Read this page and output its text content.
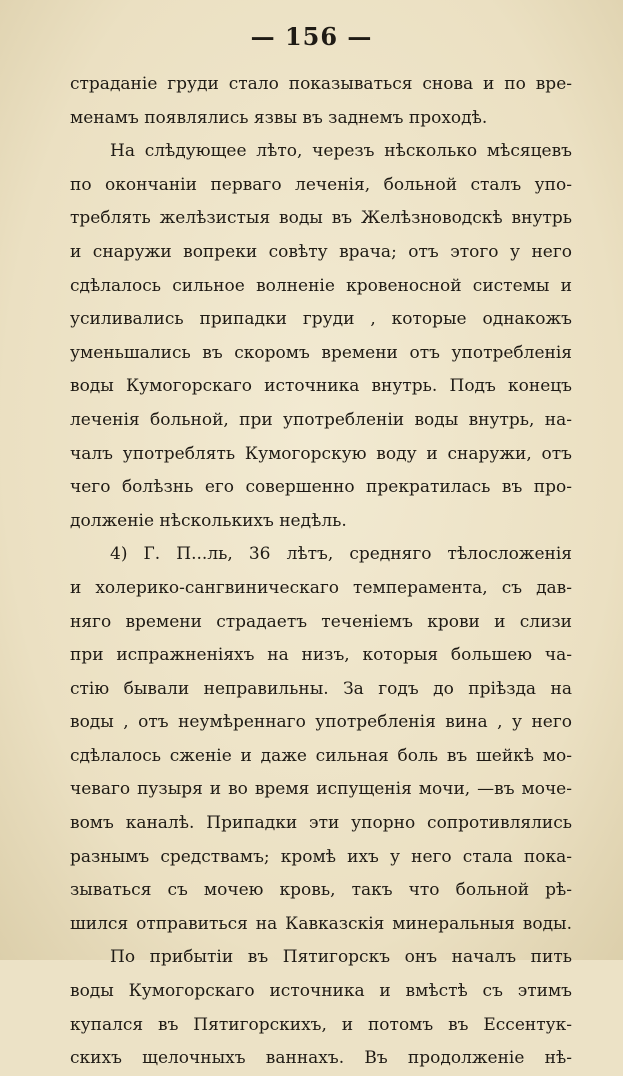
— 156 —
страданіе груди стало показываться снова и по вре-
менамъ появлялись язвы въ заднемъ проходѣ.
На слѣдующее лѣто, черезъ нѣсколько мѣсяцевъ
по окончаніи перваго леченія, больной сталъ упо-
треблять желѣзистыя воды въ Желѣзноводскѣ внутрь
и снаружи вопреки совѣту врача; отъ этого у него
сдѣлалось сильное волненіе кровеносной системы и
усиливались припадки груди , которые однакожъ
уменьшались въ скоромъ времени отъ употребленія
воды Кумогорскаго источника внутрь. Подъ конецъ
леченія больной, при употребленіи воды внутрь, на-
чалъ употреблять Кумогорскую воду и снаружи, отъ
чего болѣзнь его совершенно прекратилась въ про-
долженіе нѣсколькихъ недѣль.
4) Г. П...ль, 36 лѣтъ, средняго тѣлосложенія
и холерико-сангвиническаго темперамента, съ дав-
няго времени страдаетъ теченіемъ крови и слизи
при испражненіяхъ на низъ, которыя большею ча-
стію бывали неправильны. За годъ до пріѣзда на
воды , отъ неумѣреннаго употребленія вина , у него
сдѣлалось сженіе и даже сильная боль въ шейкѣ мо-
чеваго пузыря и во время испущенія мочи, —въ моче-
вомъ каналѣ. Припадки эти упорно сопротивлялись
разнымъ средствамъ; кромѣ ихъ у него стала пока-
зываться съ мочею кровь, такъ что больной рѣ-
шился отправиться на Кавказскія минеральныя воды.
По прибытіи въ Пятигорскъ онъ началъ пить
воды Кумогорскаго источника и вмѣстѣ съ этимъ
купался въ Пятигорскихъ, и потомъ въ Ессентук-
скихъ щелочныхъ ваннахъ. Въ продолженіе нѣ-
